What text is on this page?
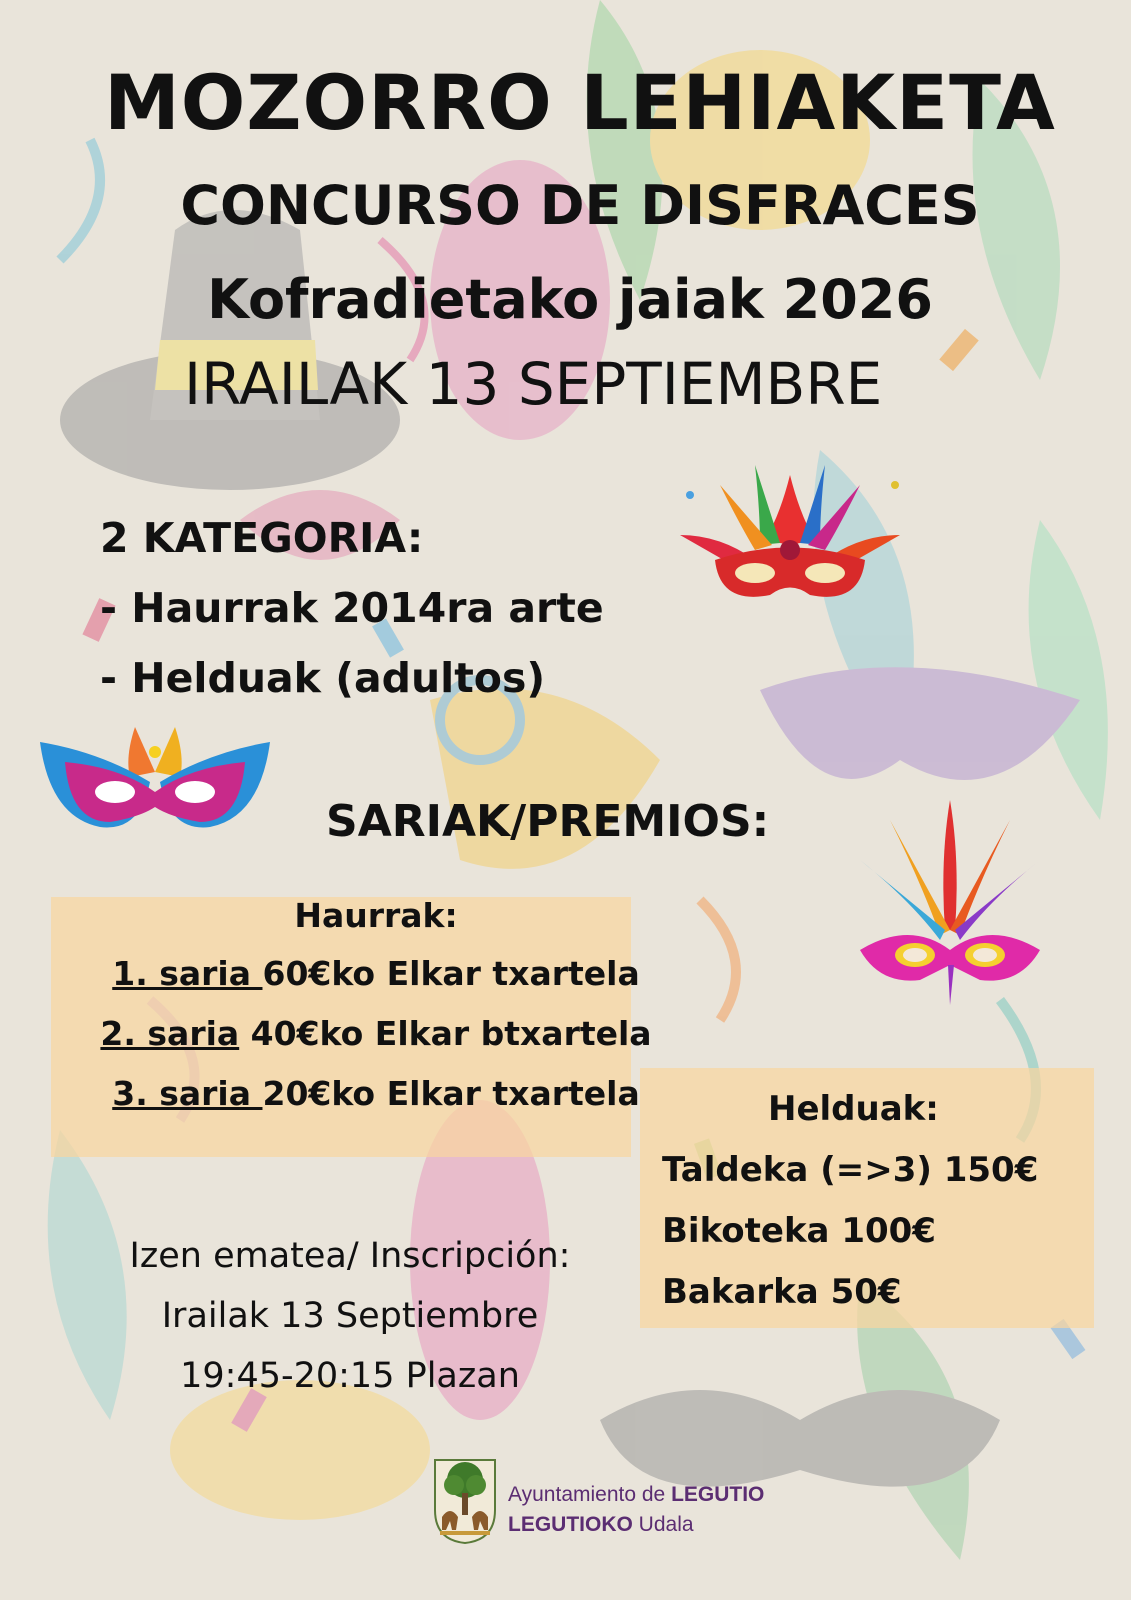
MOZORRO LEHIAKETA
CONCURSO DE DISFRACES
Kofradietako jaiak 2026
IRAILAK 13 SEPTIEMBRE
2 KATEGORIA:
- Haurrak 2014ra arte
- Helduak (adultos)
SARIAK/PREMIOS:
Haurrak:
1. saria 60€ko Elkar txartela
2. saria 40€ko Elkar btxartela
3. saria 20€ko Elkar txartela	Helduak:
Taldeka (=>3) 150€
Bikoteka 100€
Bakarka 50€
Izen ematea/ Inscripción:
Irailak 13 Septiembre
19:45-20:15 Plazan
Ayuntamiento de LEGUTIO
LEGUTIOKO Udala
